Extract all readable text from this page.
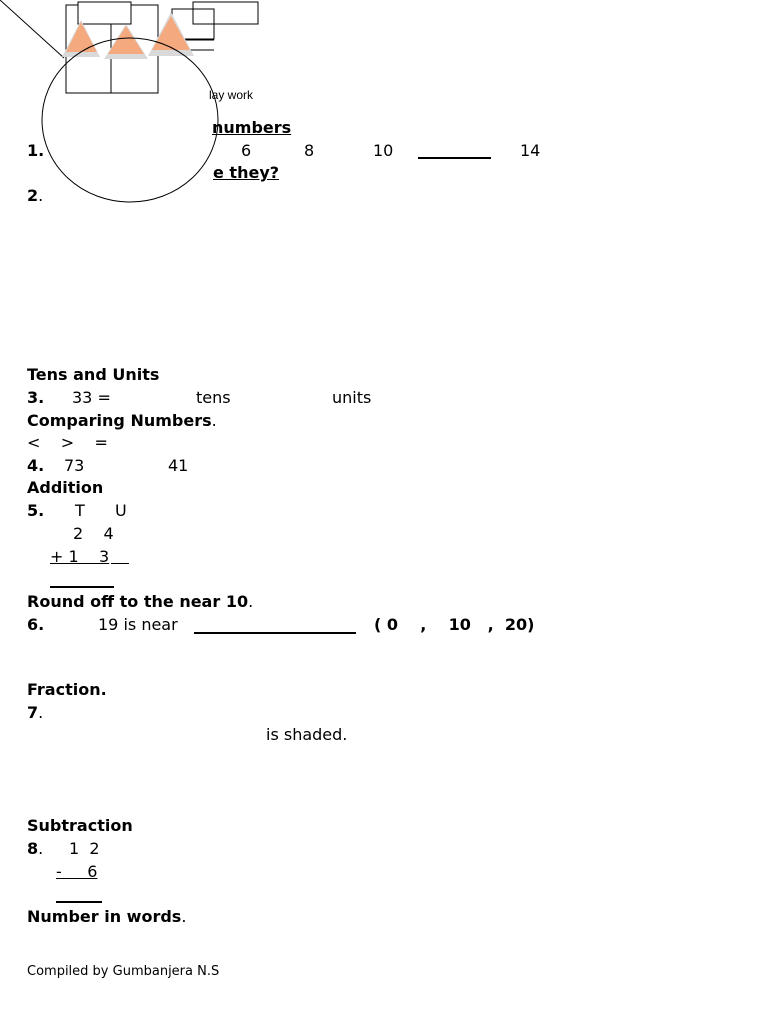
lay work
numbers
1.	6	8	10	14
e they?
2.
Tens and Units
3. 33 =	tens	units
Comparing Numbers.
<    >    =
4. 73	41
Addition
5. T U
2    4
+ 1    3
Round off to the near 10.
6.	19 is near	( 0    ,    10   ,  20)
Fraction.
7.
is shaded.
Subtraction
8. 1  2
-     6
Number in words.
Compiled by Gumbanjera N.S
